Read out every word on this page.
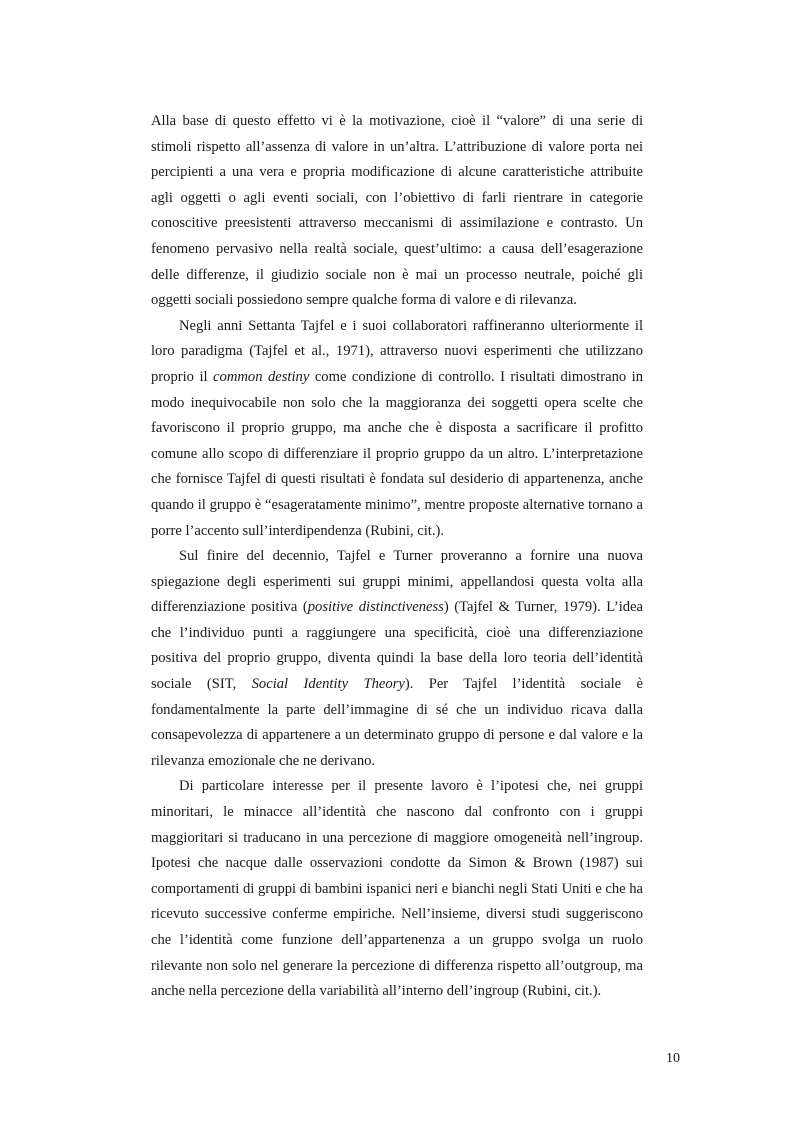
Alla base di questo effetto vi è la motivazione, cioè il “valore” di una serie di stimoli rispetto all’assenza di valore in un’altra. L’attribuzione di valore porta nei percipienti a una vera e propria modificazione di alcune caratteristiche attribuite agli oggetti o agli eventi sociali, con l’obiettivo di farli rientrare in categorie conoscitive preesistenti attraverso meccanismi di assimilazione e contrasto. Un fenomeno pervasivo nella realtà sociale, quest’ultimo: a causa dell’esagerazione delle differenze, il giudizio sociale non è mai un processo neutrale, poiché gli oggetti sociali possiedono sempre qualche forma di valore e di rilevanza.

Negli anni Settanta Tajfel e i suoi collaboratori raffineranno ulteriormente il loro paradigma (Tajfel et al., 1971), attraverso nuovi esperimenti che utilizzano proprio il common destiny come condizione di controllo. I risultati dimostrano in modo inequivocabile non solo che la maggioranza dei soggetti opera scelte che favoriscono il proprio gruppo, ma anche che è disposta a sacrificare il profitto comune allo scopo di differenziare il proprio gruppo da un altro. L’interpretazione che fornisce Tajfel di questi risultati è fondata sul desiderio di appartenenza, anche quando il gruppo è “esageratamente minimo”, mentre proposte alternative tornano a porre l’accento sull’interdipendenza (Rubini, cit.).

Sul finire del decennio, Tajfel e Turner proveranno a fornire una nuova spiegazione degli esperimenti sui gruppi minimi, appellandosi questa volta alla differenziazione positiva (positive distinctiveness) (Tajfel & Turner, 1979). L’idea che l’individuo punti a raggiungere una specificità, cioè una differenziazione positiva del proprio gruppo, diventa quindi la base della loro teoria dell’identità sociale (SIT, Social Identity Theory). Per Tajfel l’identità sociale è fondamentalmente la parte dell’immagine di sé che un individuo ricava dalla consapevolezza di appartenere a un determinato gruppo di persone e dal valore e la rilevanza emozionale che ne derivano.

Di particolare interesse per il presente lavoro è l’ipotesi che, nei gruppi minoritari, le minacce all’identità che nascono dal confronto con i gruppi maggioritari si traducano in una percezione di maggiore omogeneità nell’ingroup. Ipotesi che nacque dalle osservazioni condotte da Simon & Brown (1987) sui comportamenti di gruppi di bambini ispanici neri e bianchi negli Stati Uniti e che ha ricevuto successive conferme empiriche. Nell’insieme, diversi studi suggeriscono che l’identità come funzione dell’appartenenza a un gruppo svolga un ruolo rilevante non solo nel generare la percezione di differenza rispetto all’outgroup, ma anche nella percezione della variabilità all’interno dell’ingroup (Rubini, cit.).

10
